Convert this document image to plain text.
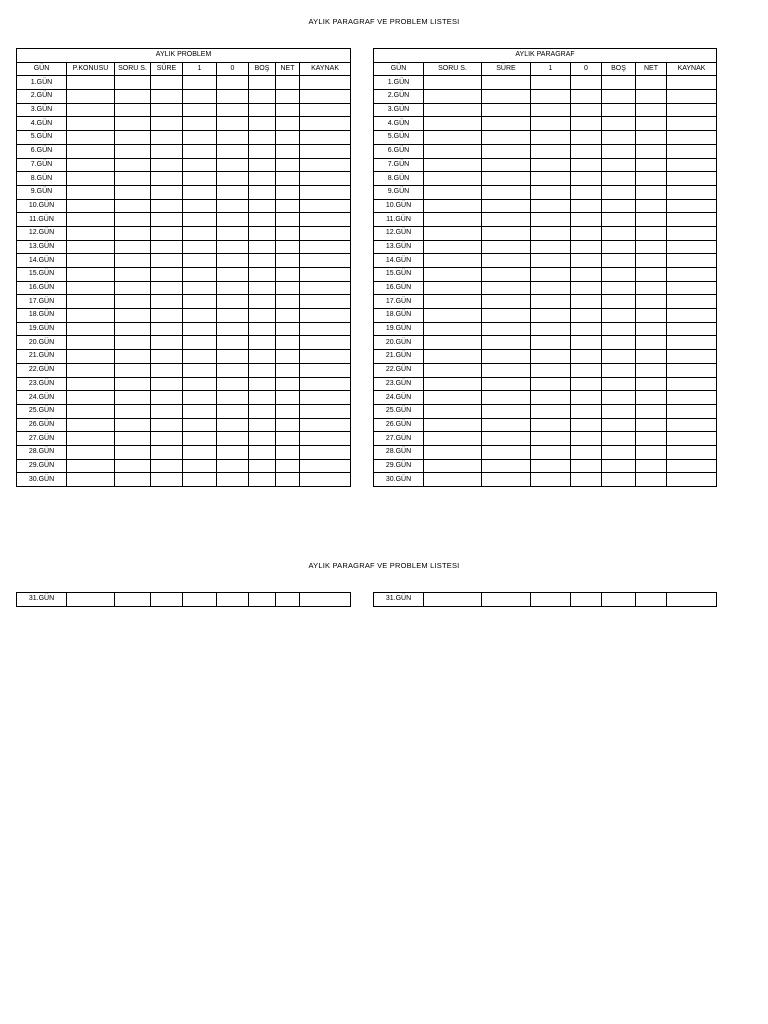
AYLIK PARAGRAF VE PROBLEM LISTESI
AYLIK PROBLEM								
GÜN	P.KONUSU	SORU S.	SÜRE	1	0	BOŞ	NET	KAYNAK
1.GÜN								
2.GÜN								
3.GÜN								
4.GÜN								
5.GÜN								
6.GÜN								
7.GÜN								
8.GÜN								
9.GÜN								
10.GÜN								
11.GÜN								
12.GÜN								
13.GÜN								
14.GÜN								
15.GÜN								
16.GÜN								
17.GÜN								
18.GÜN								
19.GÜN								
20.GÜN								
21.GÜN								
22.GÜN								
23.GÜN								
24.GÜN								
25.GÜN								
26.GÜN								
27.GÜN								
28.GÜN								
29.GÜN								
30.GÜN								
AYLIK PARAGRAF							
GÜN	SORU S.	SÜRE	1	0	BOŞ	NET	KAYNAK
1.GÜN							
2.GÜN							
3.GÜN							
4.GÜN							
5.GÜN							
6.GÜN							
7.GÜN							
8.GÜN							
9.GÜN							
10.GÜN							
11.GÜN							
12.GÜN							
13.GÜN							
14.GÜN							
15.GÜN							
16.GÜN							
17.GÜN							
18.GÜN							
19.GÜN							
20.GÜN							
21.GÜN							
22.GÜN							
23.GÜN							
24.GÜN							
25.GÜN							
26.GÜN							
27.GÜN							
28.GÜN							
29.GÜN							
30.GÜN							
AYLIK PARAGRAF VE PROBLEM LISTESI
31.GÜN									31.GÜN							
